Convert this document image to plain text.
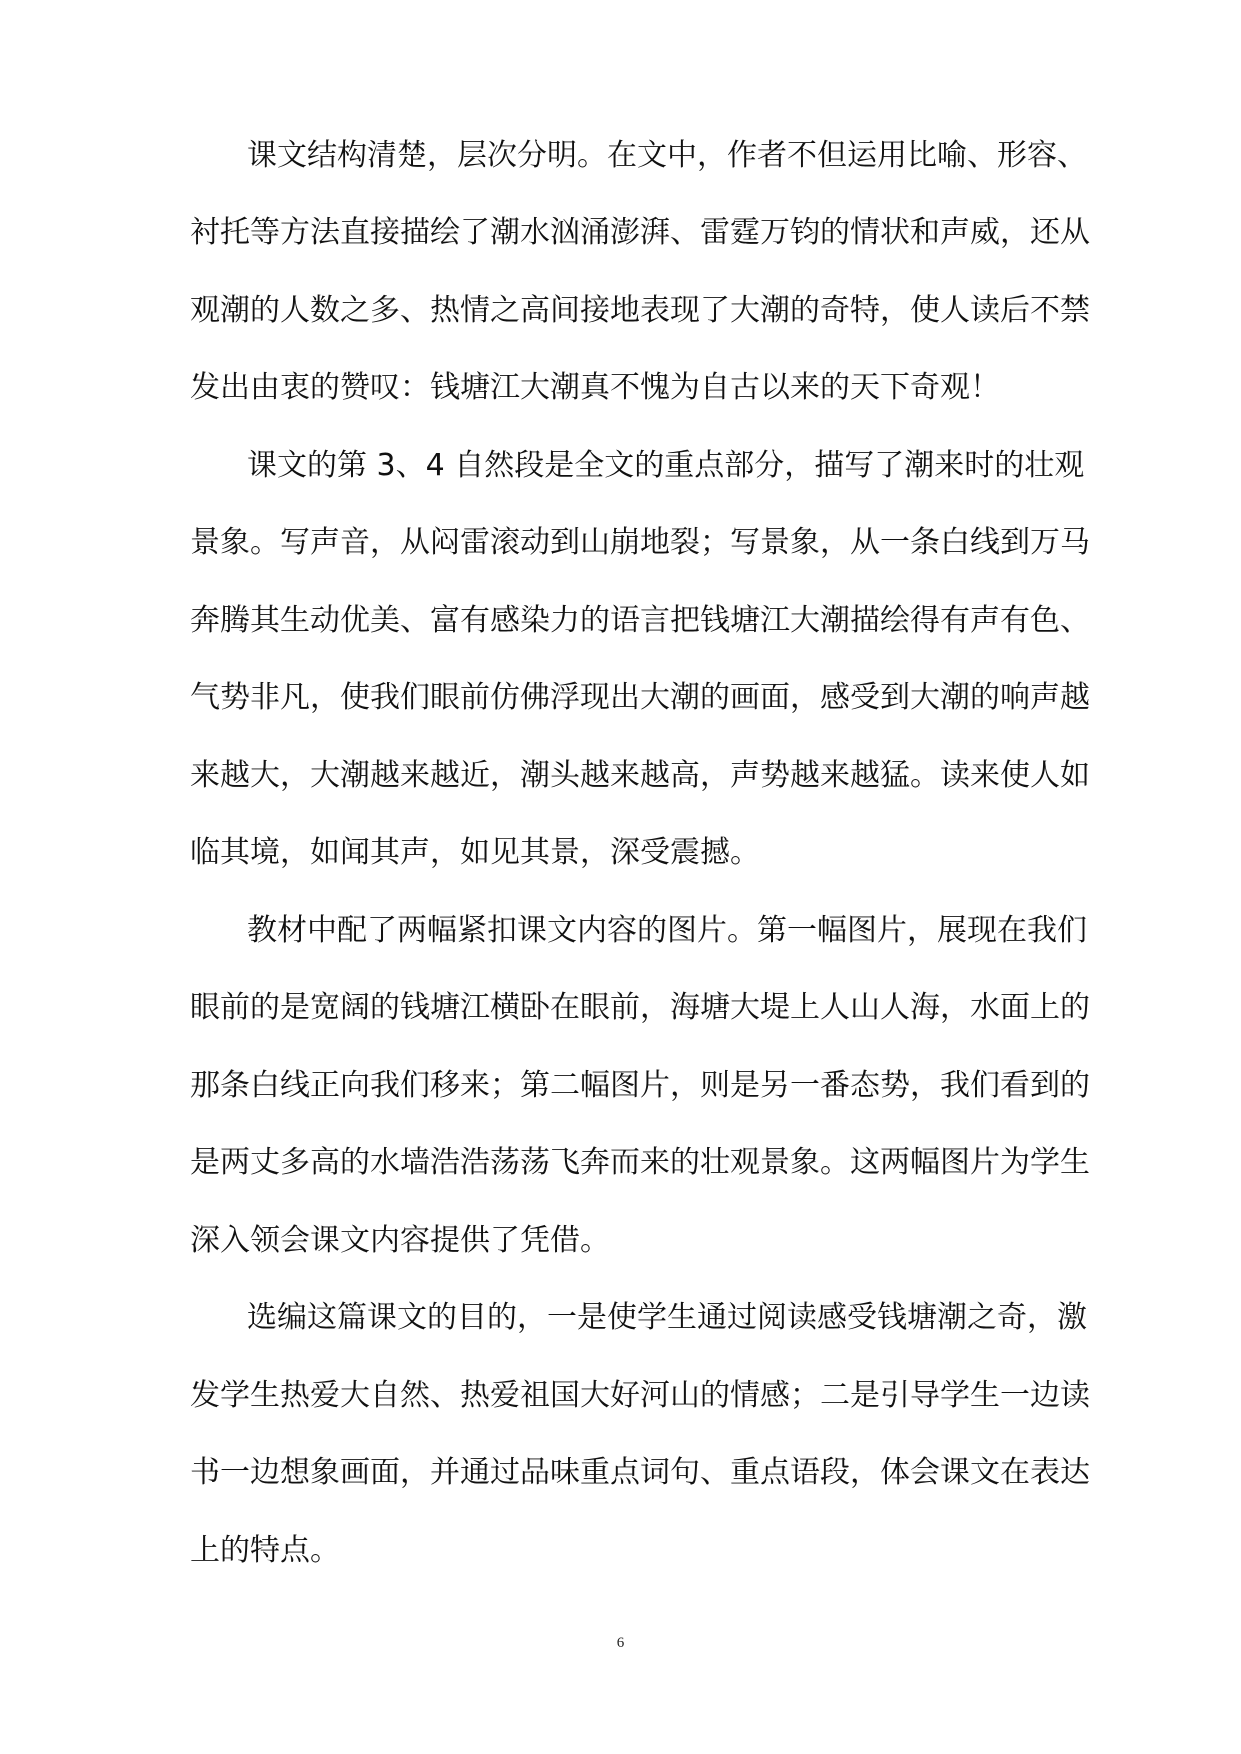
课文结构清楚，层次分明。在文中，作者不但运用比喻、形容、
衬托等方法直接描绘了潮水汹涌澎湃、雷霆万钧的情状和声威，还从
观潮的人数之多、热情之高间接地表现了大潮的奇特，使人读后不禁
发出由衷的赞叹：钱塘江大潮真不愧为自古以来的天下奇观！
课文的第 3、4 自然段是全文的重点部分，描写了潮来时的壮观
景象。写声音，从闷雷滚动到山崩地裂；写景象，从一条白线到万马
奔腾其生动优美、富有感染力的语言把钱塘江大潮描绘得有声有色、
气势非凡，使我们眼前仿佛浮现出大潮的画面，感受到大潮的响声越
来越大，大潮越来越近，潮头越来越高，声势越来越猛。读来使人如
临其境，如闻其声，如见其景，深受震撼。
教材中配了两幅紧扣课文内容的图片。第一幅图片，展现在我们
眼前的是宽阔的钱塘江横卧在眼前，海塘大堤上人山人海，水面上的
那条白线正向我们移来；第二幅图片，则是另一番态势，我们看到的
是两丈多高的水墙浩浩荡荡飞奔而来的壮观景象。这两幅图片为学生
深入领会课文内容提供了凭借。
选编这篇课文的目的，一是使学生通过阅读感受钱塘潮之奇，激
发学生热爱大自然、热爱祖国大好河山的情感；二是引导学生一边读
书一边想象画面，并通过品味重点词句、重点语段，体会课文在表达
上的特点。
6
